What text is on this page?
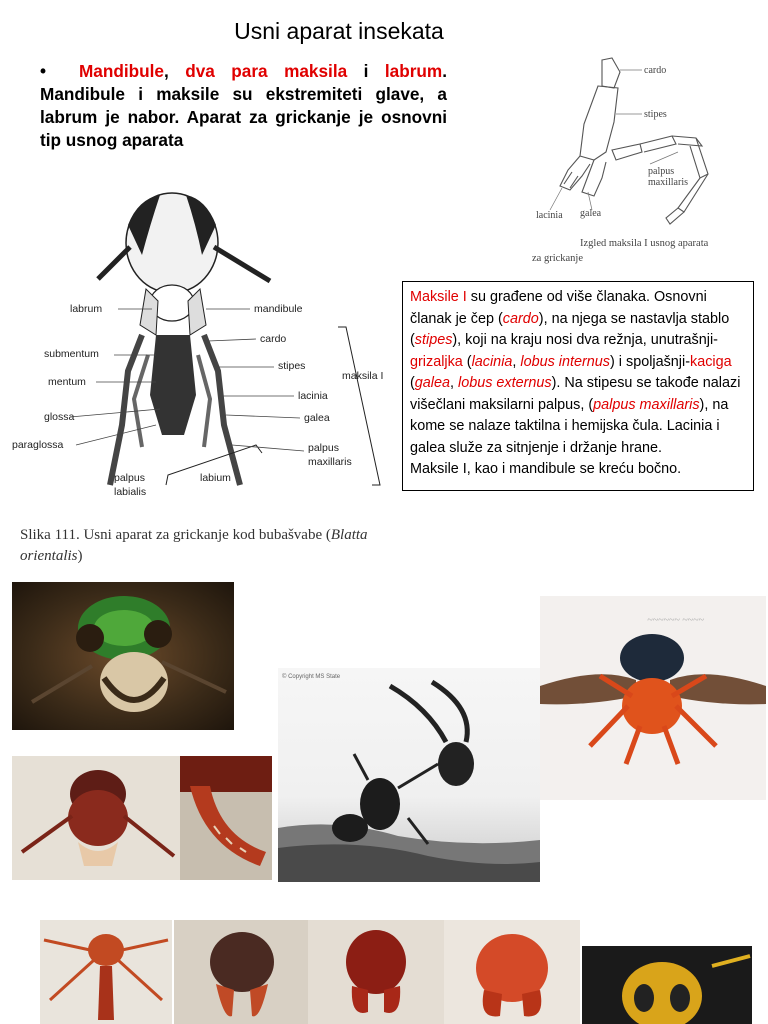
Usni aparat insekata
• Mandibule, dva para maksila i labrum. Mandibule i maksile su ekstremiteti glave, a labrum je nabor. Aparat za grickanje je osnovni tip usnog aparata
cardo
stipes
palpus
maxillaris
lacinia galea
Izgled maksila I usnog aparata
za grickanje
Maksile I su građene od više članaka. Osnovni članak je čep (cardo), na njega se nastavlja stablo (stipes), koji na kraju nosi dva režnja, unutrašnji-grizaljka (lacinia, lobus internus) i spoljašnji-kaciga (galea, lobus externus). Na stipesu se takođe nalazi višečlani maksilarni palpus, (palpus maxillaris), na kome se nalaze taktilna i hemijska čula. Lacinia i galea služe za sitnjenje i držanje hrane.
Maksile I, kao i mandibule se kreću bočno.
labrum	mandibule
cardo
submentum
stipes
mentum	maksila I
lacinia
glossa	galea
paraglossa	palpus
maxillaris
palpus
labialis
labium
Slika 111. Usni aparat za grickanje kod bubašvabe (Blatta orientalis)
© Copyright MS State
~~~~ ~~~~~~
